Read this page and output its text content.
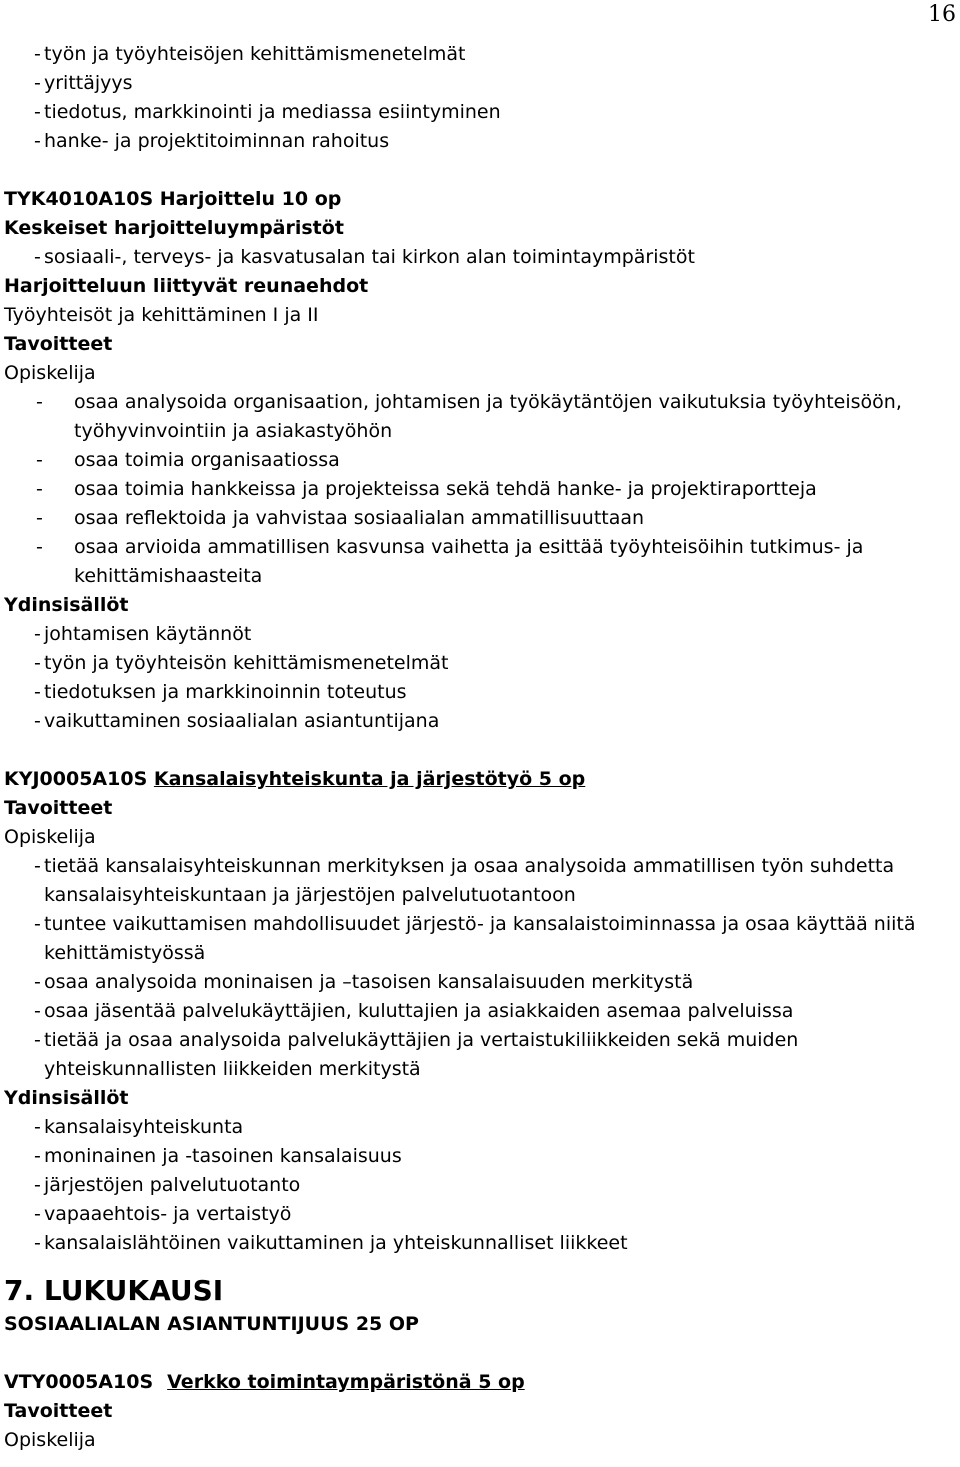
16
- työn ja työyhteisöjen kehittämismenetelmät
- yrittäjyys
- tiedotus, markkinointi ja mediassa esiintyminen
- hanke- ja projektitoiminnan rahoitus
TYK4010A10S Harjoittelu 10 op
Keskeiset harjoitteluympäristöt
- sosiaali-, terveys- ja kasvatusalan tai kirkon alan toimintaympäristöt
Harjoitteluun liittyvät reunaehdot
Työyhteisöt ja kehittäminen I ja II
Tavoitteet
Opiskelija
-	osaa analysoida organisaation, johtamisen ja työkäytäntöjen vaikutuksia työyhteisöön, työhyvinvointiin ja asiakastyöhön
-	osaa toimia organisaatiossa
-	osaa toimia hankkeissa ja projekteissa sekä tehdä hanke- ja projektiraportteja
-	osaa reflektoida ja vahvistaa sosiaalialan ammatillisuuttaan
-	osaa arvioida ammatillisen kasvunsa vaihetta ja esittää työyhteisöihin tutkimus- ja kehittämishaasteita
Ydinsisällöt
- johtamisen käytännöt
- työn ja työyhteisön kehittämismenetelmät
- tiedotuksen ja markkinoinnin toteutus
- vaikuttaminen sosiaalialan asiantuntijana
KYJ0005A10S Kansalaisyhteiskunta ja järjestötyö 5 op
Tavoitteet
Opiskelija
- tietää kansalaisyhteiskunnan merkityksen ja osaa analysoida ammatillisen työn suhdetta kansalaisyhteiskuntaan ja järjestöjen palvelutuotantoon
- tuntee vaikuttamisen mahdollisuudet järjestö- ja kansalaistoiminnassa ja osaa käyttää niitä kehittämistyössä
- osaa analysoida moninaisen ja –tasoisen kansalaisuuden merkitystä
- osaa jäsentää palvelukäyttäjien, kuluttajien ja asiakkaiden asemaa palveluissa
- tietää ja osaa analysoida palvelukäyttäjien ja vertaistukiliikkeiden sekä muiden yhteiskunnallisten liikkeiden merkitystä
Ydinsisällöt
- kansalaisyhteiskunta
- moninainen ja -tasoinen kansalaisuus
- järjestöjen palvelutuotanto
- vapaaehtois- ja vertaistyö
- kansalaislähtöinen vaikuttaminen ja yhteiskunnalliset liikkeet
7. LUKUKAUSI
SOSIAALIALAN ASIANTUNTIJUUS 25 OP
VTY0005A10S Verkko toimintaympäristönä 5 op
Tavoitteet
Opiskelija
